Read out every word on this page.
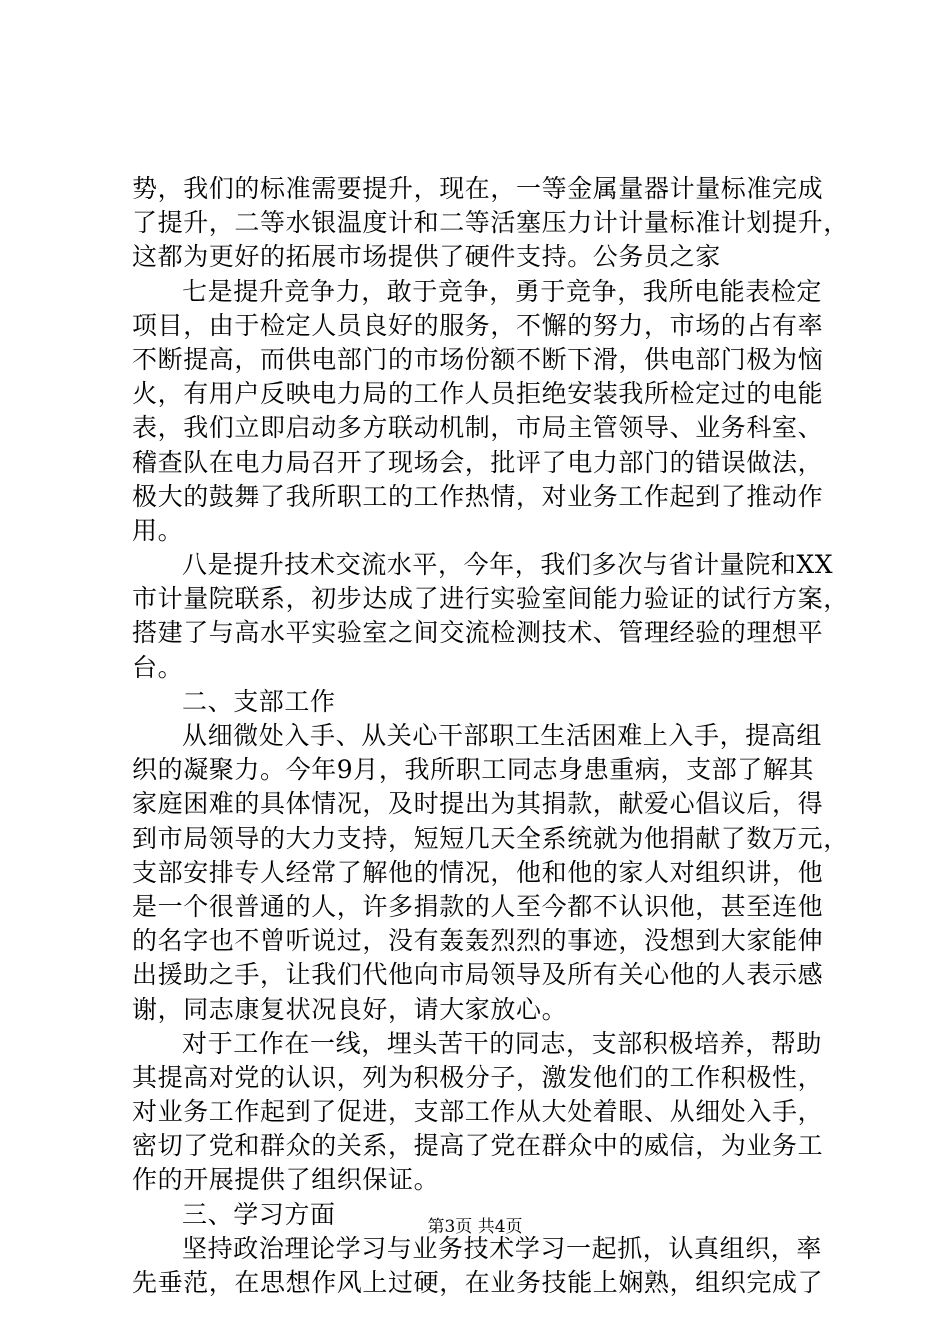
势，我们的标准需要提升，现在，一等金属量器计量标准完成
了提升，二等水银温度计和二等活塞压力计计量标准计划提升，
这都为更好的拓展市场提供了硬件支持。公务员之家
七是提升竞争力，敢于竞争，勇于竞争，我所电能表检定
项目，由于检定人员良好的服务，不懈的努力，市场的占有率
不断提高，而供电部门的市场份额不断下滑，供电部门极为恼
火，有用户反映电力局的工作人员拒绝安装我所检定过的电能
表，我们立即启动多方联动机制，市局主管领导、业务科室、
稽查队在电力局召开了现场会，批评了电力部门的错误做法，
极大的鼓舞了我所职工的工作热情，对业务工作起到了推动作
用。
八是提升技术交流水平，今年，我们多次与省计量院和XX
市计量院联系，初步达成了进行实验室间能力验证的试行方案，
搭建了与高水平实验室之间交流检测技术、管理经验的理想平
台。
二、支部工作
从细微处入手、从关心干部职工生活困难上入手，提高组
织的凝聚力。今年9月，我所职工同志身患重病，支部了解其
家庭困难的具体情况，及时提出为其捐款，献爱心倡议后，得
到市局领导的大力支持，短短几天全系统就为他捐献了数万元，
支部安排专人经常了解他的情况，他和他的家人对组织讲，他
是一个很普通的人，许多捐款的人至今都不认识他，甚至连他
的名字也不曾听说过，没有轰轰烈烈的事迹，没想到大家能伸
出援助之手，让我们代他向市局领导及所有关心他的人表示感
谢，同志康复状况良好，请大家放心。
对于工作在一线，埋头苦干的同志，支部积极培养，帮助
其提高对党的认识，列为积极分子，激发他们的工作积极性，
对业务工作起到了促进，支部工作从大处着眼、从细处入手，
密切了党和群众的关系，提高了党在群众中的威信，为业务工
作的开展提供了组织保证。
三、学习方面
坚持政治理论学习与业务技术学习一起抓，认真组织，率
先垂范，在思想作风上过硬，在业务技能上娴熟，组织完成了
第3页 共4页
